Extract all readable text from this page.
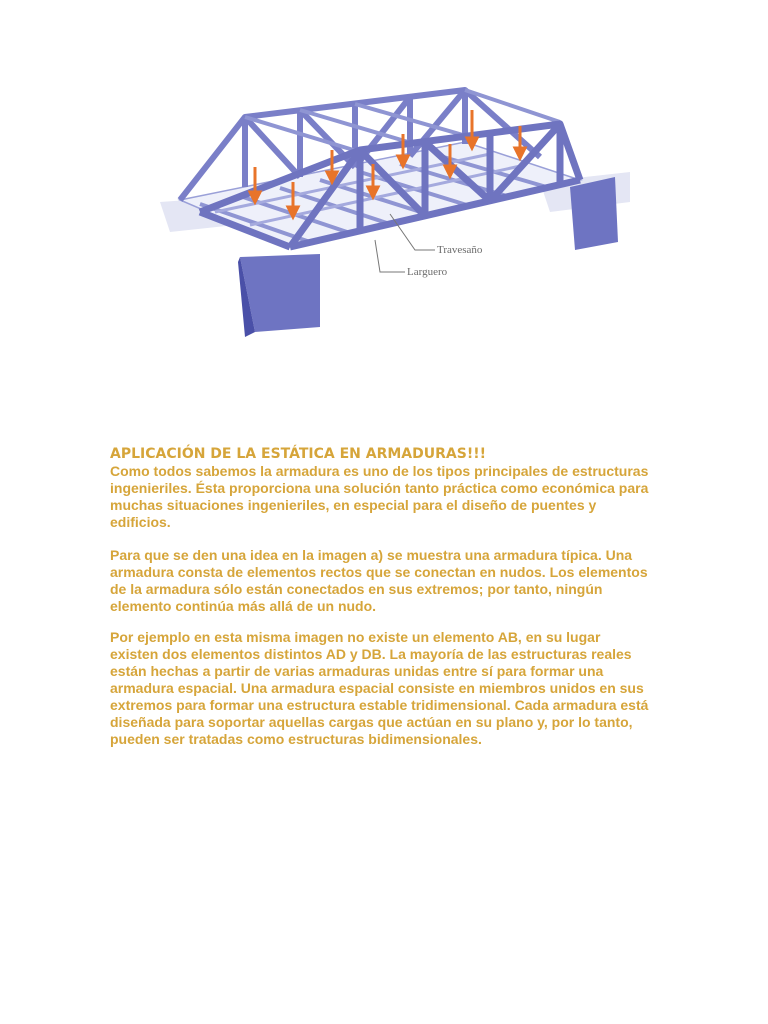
Travesaño
Larguero
APLICACIÓN DE LA ESTÁTICA EN ARMADURAS!!!

Como todos sabemos la armadura es uno de los tipos principales de estructuras ingenieriles. Ésta proporciona una solución tanto práctica como económica para muchas situaciones ingenieriles, en especial para el diseño de puentes y edificios.

Para que se den una idea en la imagen a) se muestra una armadura típica. Una armadura consta de elementos rectos que se conectan en nudos. Los elementos de la armadura sólo están conectados en sus extremos; por tanto, ningún elemento continúa más allá de un nudo.

Por ejemplo en esta misma imagen no existe un elemento AB, en su lugar existen dos elementos distintos AD y DB. La mayoría de las estructuras reales están hechas a partir de varias armaduras unidas entre sí para formar una armadura espacial. Una armadura espacial consiste en miembros unidos en sus extremos para formar una estructura estable tridimensional. Cada armadura está diseñada para soportar aquellas cargas que actúan en su plano y, por lo tanto, pueden ser tratadas como estructuras bidimensionales.
